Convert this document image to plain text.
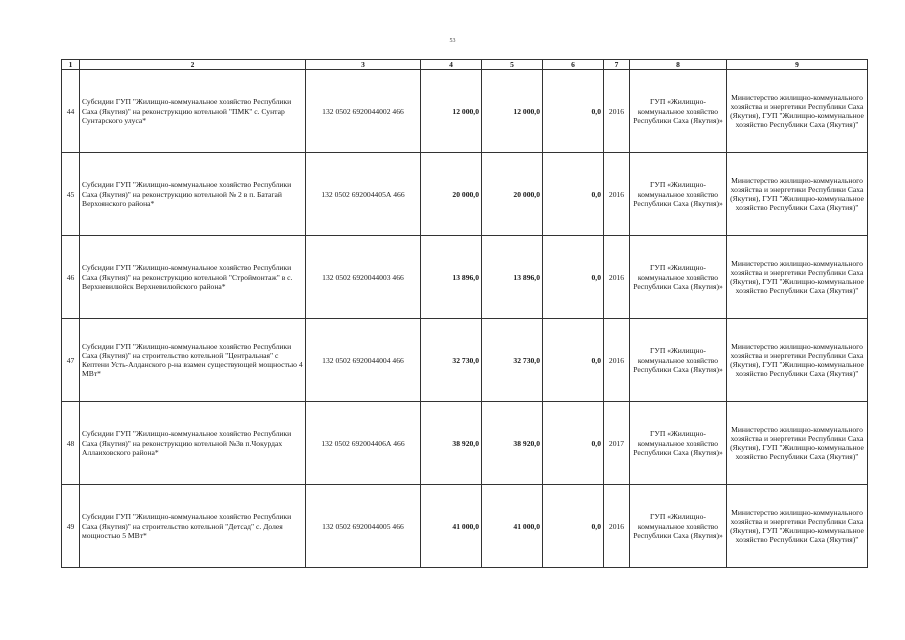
53
1	2	3	4	5	6	7	8	9
44	Субсидии ГУП "Жилищно-коммунальное хозяйство Республики Саха (Якутия)" на реконструкцию котельной "ПМК" с. Сунтар Сунтарского улуса*	132 0502 6920044002 466	12 000,0	12 000,0	0,0	2016	ГУП «Жилищно-коммунальное хозяйство Республики Саха (Якутия)»	Министерство жилищно-коммунального хозяйства и энергетики Республики Саха (Якутия), ГУП "Жилищно-коммунальное хозяйство Республики Саха (Якутия)"
45	Субсидии ГУП "Жилищно-коммунальное хозяйство Республики Саха (Якутия)" на реконструкцию котельной № 2 в п. Батагай Верхоянского района*	132 0502 692004405А 466	20 000,0	20 000,0	0,0	2016	ГУП «Жилищно-коммунальное хозяйство Республики Саха (Якутия)»	Министерство жилищно-коммунального хозяйства и энергетики Республики Саха (Якутия), ГУП "Жилищно-коммунальное хозяйство Республики Саха (Якутия)"
46	Субсидии ГУП "Жилищно-коммунальное хозяйство Республики Саха (Якутия)" на реконструкцию котельной "Строймонтаж" в с. Верхневилюйск Верхневилюйского района*	132 0502 6920044003 466	13 896,0	13 896,0	0,0	2016	ГУП «Жилищно-коммунальное хозяйство Республики Саха (Якутия)»	Министерство жилищно-коммунального хозяйства и энергетики Республики Саха (Якутия), ГУП "Жилищно-коммунальное хозяйство Республики Саха (Якутия)"
47	Субсидии ГУП "Жилищно-коммунальное хозяйство Республики Саха (Якутия)" на строительство котельной "Центральная" с Кептени Усть-Алданского р-на взамен существующей мощностью 4 МВт*	132 0502 6920044004 466	32 730,0	32 730,0	0,0	2016	ГУП «Жилищно-коммунальное хозяйство Республики Саха (Якутия)»	Министерство жилищно-коммунального хозяйства и энергетики Республики Саха (Якутия), ГУП "Жилищно-коммунальное хозяйство Республики Саха (Якутия)"
48	Субсидии ГУП "Жилищно-коммунальное хозяйство Республики Саха (Якутия)" на реконструкцию котельной №3в п.Чокурдах Аллаиховского района*	132 0502 692004406А 466	38 920,0	38 920,0	0,0	2017	ГУП «Жилищно-коммунальное хозяйство Республики Саха (Якутия)»	Министерство жилищно-коммунального хозяйства и энергетики Республики Саха (Якутия), ГУП "Жилищно-коммунальное хозяйство Республики Саха (Якутия)"
49	Субсидии ГУП "Жилищно-коммунальное хозяйство Республики Саха (Якутия)" на строительство котельной "Детсад" с. Долея мощностью 5 МВт*	132 0502 6920044005 466	41 000,0	41 000,0	0,0	2016	ГУП «Жилищно-коммунальное хозяйство Республики Саха (Якутия)»	Министерство жилищно-коммунального хозяйства и энергетики Республики Саха (Якутия), ГУП "Жилищно-коммунальное хозяйство Республики Саха (Якутия)"
